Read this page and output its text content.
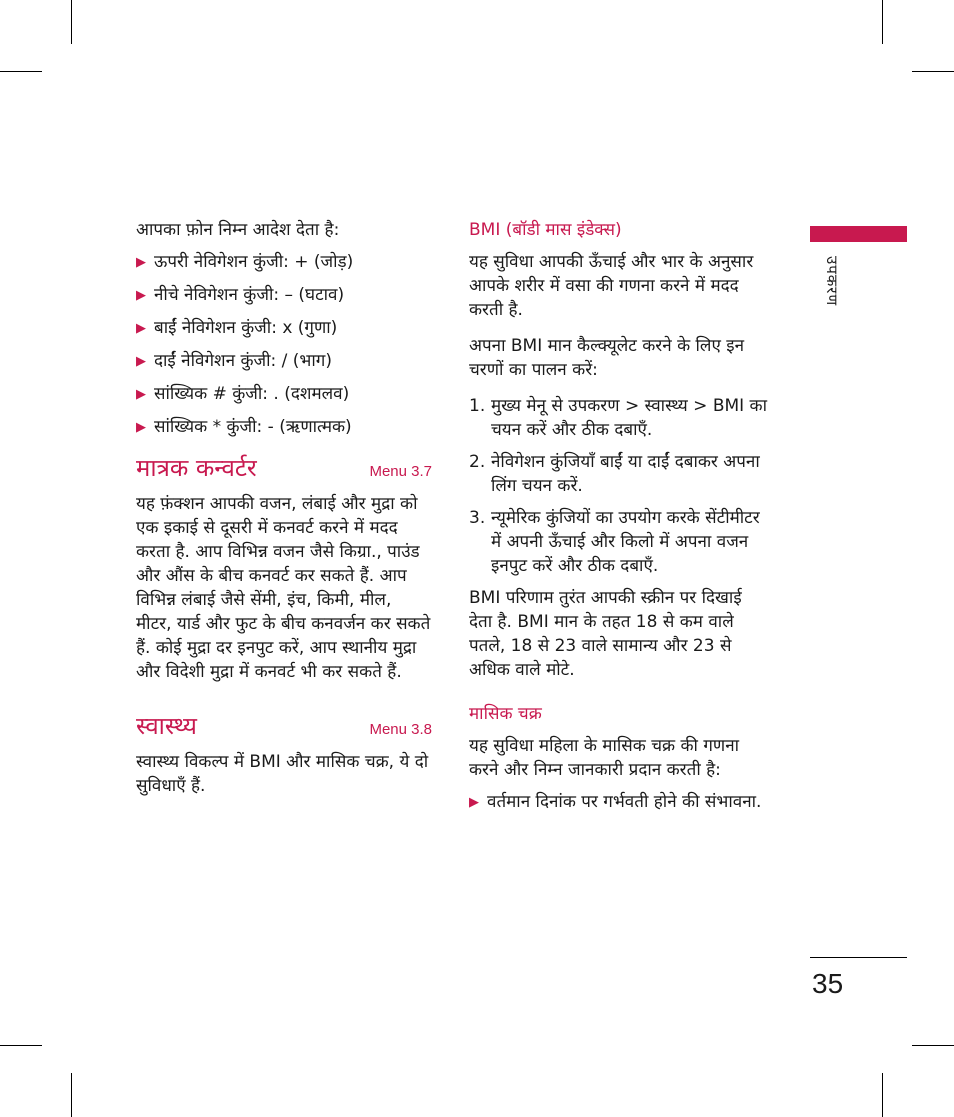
आपका फ़ोन निम्न आदेश देता है:

▶ ऊपरी नेविगेशन कुंजी: + (जोड़)
▶ नीचे नेविगेशन कुंजी: – (घटाव)
▶ बाईं नेविगेशन कुंजी: x (गुणा)
▶ दाईं नेविगेशन कुंजी: / (भाग)
▶ सांख्यिक # कुंजी: . (दशमलव)
▶ सांख्यिक * कुंजी: - (ऋणात्मक)
मात्रक कन्वर्टर	Menu 3.7

यह फ़ंक्शन आपकी वजन, लंबाई और मुद्रा को एक इकाई से दूसरी में कनवर्ट करने में मदद करता है. आप विभिन्न वजन जैसे किग्रा., पाउंड और औंस के बीच कनवर्ट कर सकते हैं. आप विभिन्न लंबाई जैसे सेंमी, इंच, किमी, मील, मीटर, यार्ड और फुट के बीच कनवर्जन कर सकते हैं. कोई मुद्रा दर इनपुट करें, आप स्थानीय मुद्रा और विदेशी मुद्रा में कनवर्ट भी कर सकते हैं.

स्वास्थ्य	Menu 3.8

स्वास्थ्य विकल्प में BMI और मासिक चक्र, ये दो सुविधाएँ हैं.

BMI (बॉडी मास इंडेक्स)

यह सुविधा आपकी ऊँचाई और भार के अनुसार आपके शरीर में वसा की गणना करने में मदद करती है.

अपना BMI मान कैल्क्यूलेट करने के लिए इन चरणों का पालन करें:

1. मुख्य मेनू से उपकरण > स्वास्थ्य > BMI का चयन करें और ठीक दबाएँ.
2. नेविगेशन कुंजियाँ बाईं या दाईं दबाकर अपना लिंग चयन करें.
3. न्यूमेरिक कुंजियों का उपयोग करके सेंटीमीटर में अपनी ऊँचाई और किलो में अपना वजन इनपुट करें और ठीक दबाएँ.

BMI परिणाम तुरंत आपकी स्क्रीन पर दिखाई देता है. BMI मान के तहत 18 से कम वाले पतले, 18 से 23 वाले सामान्य और 23 से अधिक वाले मोटे.

मासिक चक्र

यह सुविधा महिला के मासिक चक्र की गणना करने और निम्न जानकारी प्रदान करती है:

▶ वर्तमान दिनांक पर गर्भवती होने की संभावना.
उपकरण
35
